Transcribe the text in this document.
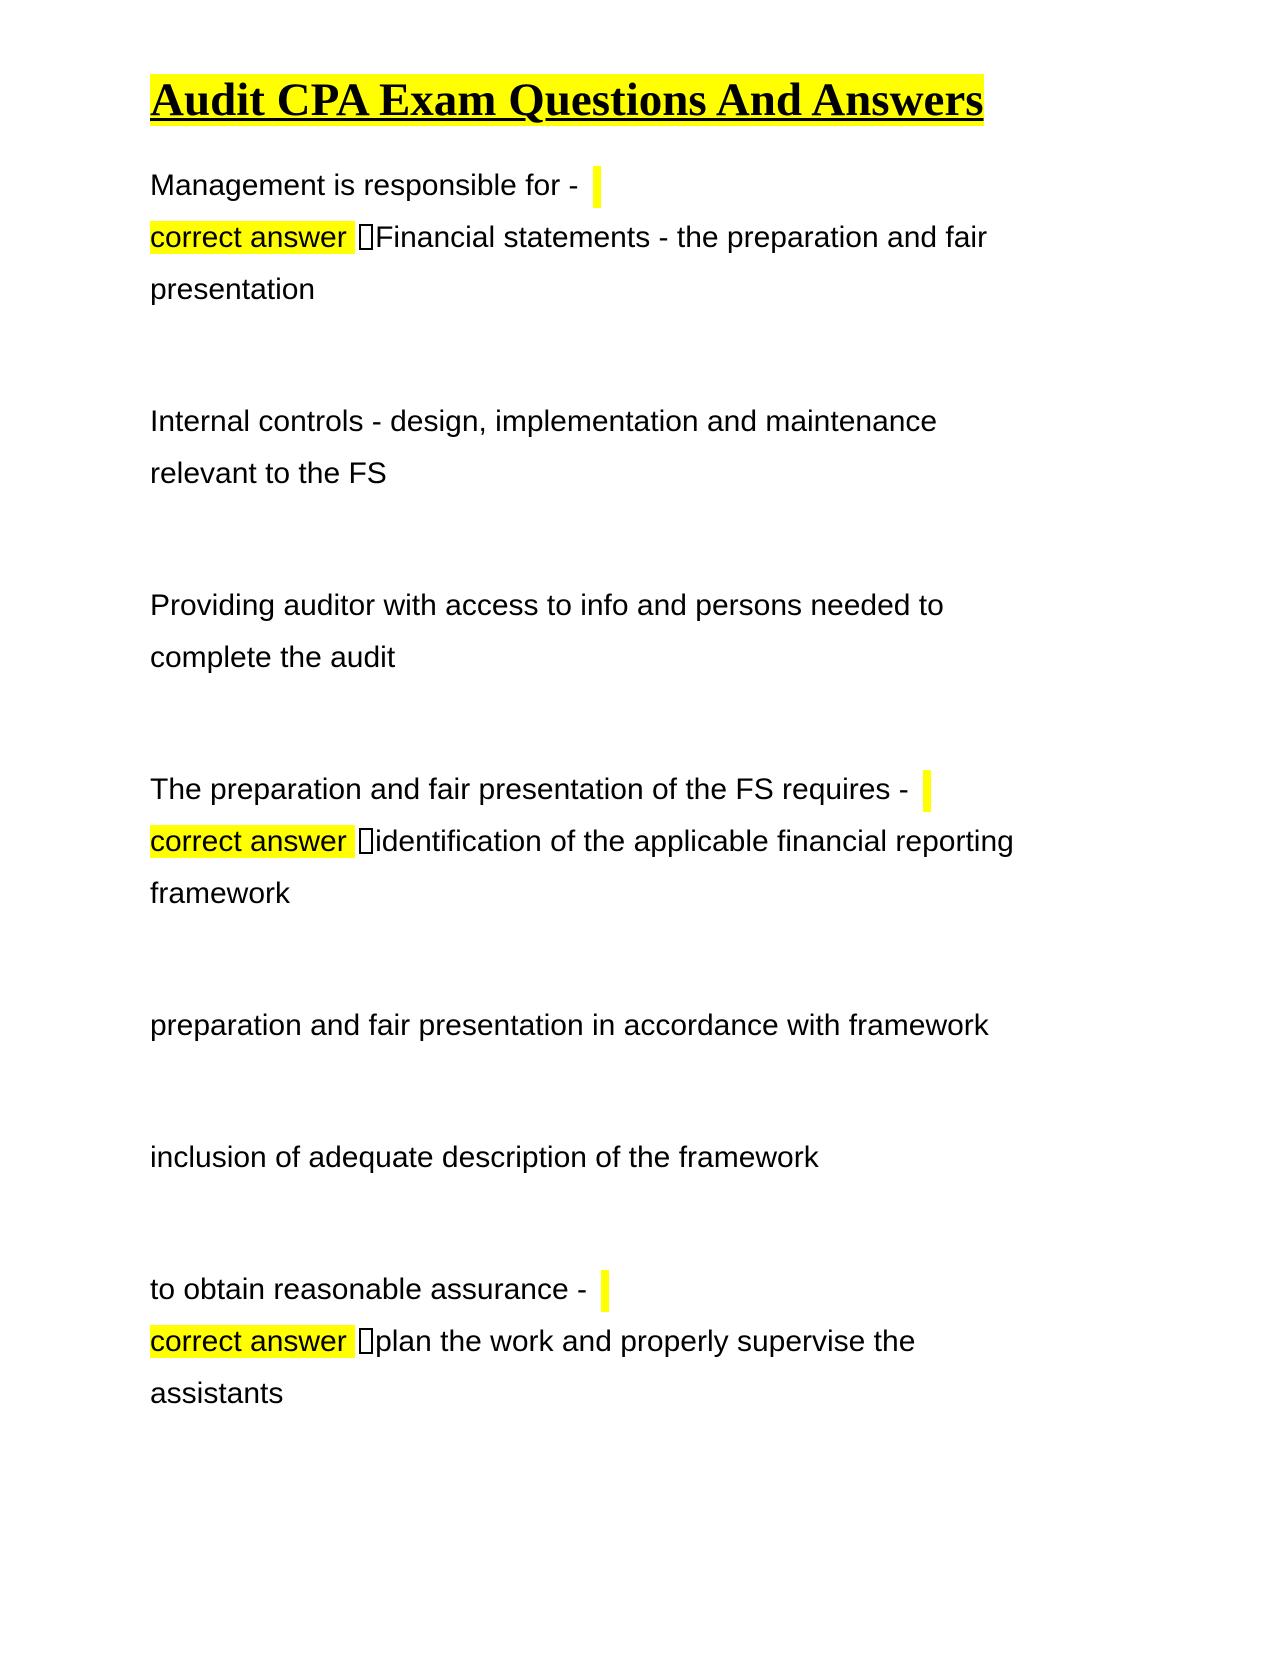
Audit CPA Exam Questions And Answers
Management is responsible for -
correct answer Financial statements - the preparation and fair
presentation
Internal controls - design, implementation and maintenance
relevant to the FS
Providing auditor with access to info and persons needed to
complete the audit
The preparation and fair presentation of the FS requires -
correct answer identification of the applicable financial reporting
framework
preparation and fair presentation in accordance with framework
inclusion of adequate description of the framework
to obtain reasonable assurance -
correct answer plan the work and properly supervise the
assistants
